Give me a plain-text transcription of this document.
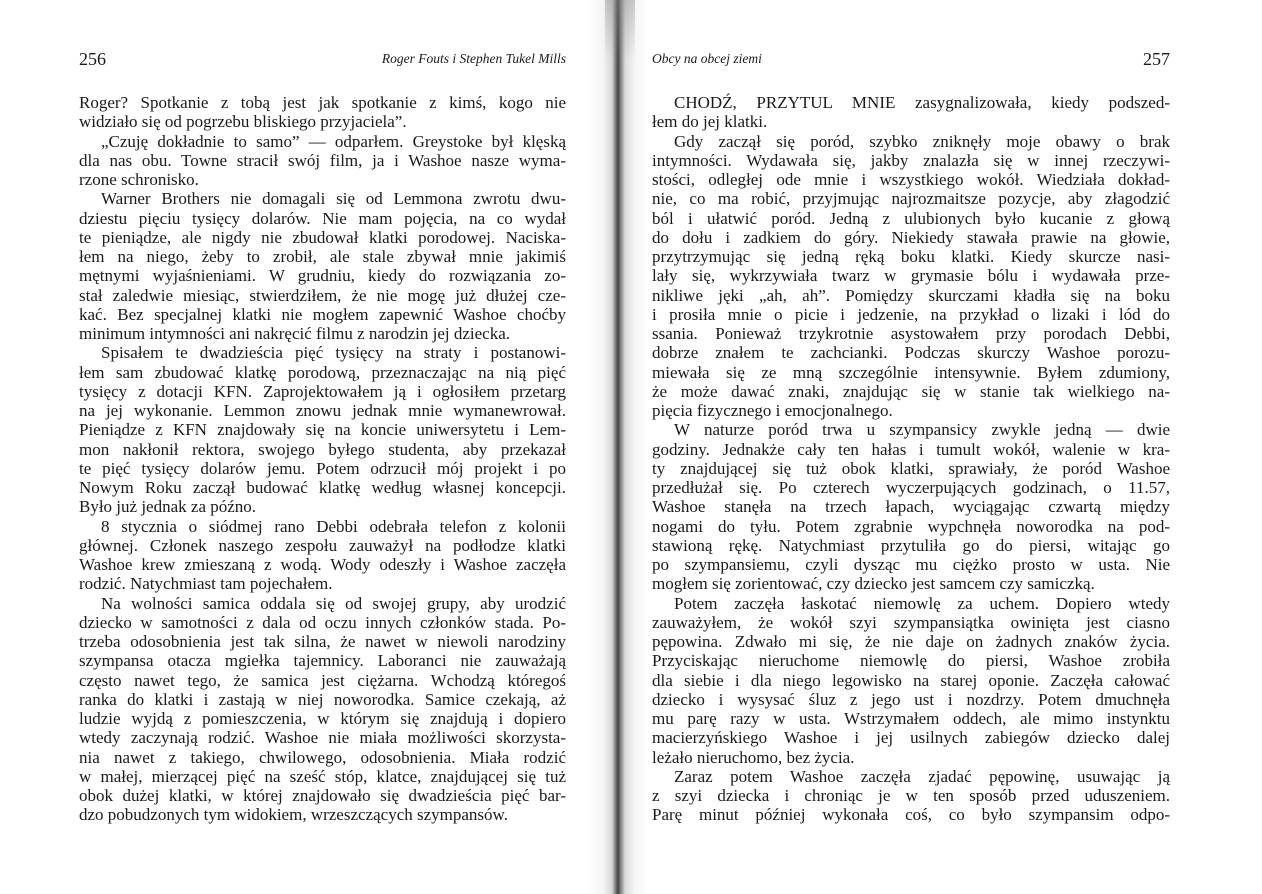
256	Roger Fouts i Stephen Tukel Mills
Roger? Spotkanie z tobą jest jak spotkanie z kimś, kogo nie
widziało się od pogrzebu bliskiego przyjaciela”.
„Czuję dokładnie to samo” — odparłem. Greystoke był klęską
dla nas obu. Towne stracił swój film, ja i Washoe nasze wyma-
rzone schronisko.
Warner Brothers nie domagali się od Lemmona zwrotu dwu-
dziestu pięciu tysięcy dolarów. Nie mam pojęcia, na co wydał
te pieniądze, ale nigdy nie zbudował klatki porodowej. Naciska-
łem na niego, żeby to zrobił, ale stale zbywał mnie jakimiś
mętnymi wyjaśnieniami. W grudniu, kiedy do rozwiązania zo-
stał zaledwie miesiąc, stwierdziłem, że nie mogę już dłużej cze-
kać. Bez specjalnej klatki nie mogłem zapewnić Washoe choćby
minimum intymności ani nakręcić filmu z narodzin jej dziecka.
Spisałem te dwadzieścia pięć tysięcy na straty i postanowi-
łem sam zbudować klatkę porodową, przeznaczając na nią pięć
tysięcy z dotacji KFN. Zaprojektowałem ją i ogłosiłem przetarg
na jej wykonanie. Lemmon znowu jednak mnie wymanewrował.
Pieniądze z KFN znajdowały się na koncie uniwersytetu i Lem-
mon nakłonił rektora, swojego byłego studenta, aby przekazał
te pięć tysięcy dolarów jemu. Potem odrzucił mój projekt i po
Nowym Roku zaczął budować klatkę według własnej koncepcji.
Było już jednak za późno.
8 stycznia o siódmej rano Debbi odebrała telefon z kolonii
głównej. Członek naszego zespołu zauważył na podłodze klatki
Washoe krew zmieszaną z wodą. Wody odeszły i Washoe zaczęła
rodzić. Natychmiast tam pojechałem.
Na wolności samica oddala się od swojej grupy, aby urodzić
dziecko w samotności z dala od oczu innych członków stada. Po-
trzeba odosobnienia jest tak silna, że nawet w niewoli narodziny
szympansa otacza mgiełka tajemnicy. Laboranci nie zauważają
często nawet tego, że samica jest ciężarna. Wchodzą któregoś
ranka do klatki i zastają w niej noworodka. Samice czekają, aż
ludzie wyjdą z pomieszczenia, w którym się znajdują i dopiero
wtedy zaczynają rodzić. Washoe nie miała możliwości skorzysta-
nia nawet z takiego, chwilowego, odosobnienia. Miała rodzić
w małej, mierzącej pięć na sześć stóp, klatce, znajdującej się tuż
obok dużej klatki, w której znajdowało się dwadzieścia pięć bar-
dzo pobudzonych tym widokiem, wrzeszczących szympansów.
Obcy na obcej ziemi	257
CHODŹ, PRZYTUL MNIE zasygnalizowała, kiedy podszed-
łem do jej klatki.
Gdy zaczął się poród, szybko zniknęły moje obawy o brak
intymności. Wydawała się, jakby znalazła się w innej rzeczywi-
stości, odległej ode mnie i wszystkiego wokół. Wiedziała dokład-
nie, co ma robić, przyjmując najrozmaitsze pozycje, aby złagodzić
ból i ułatwić poród. Jedną z ulubionych było kucanie z głową
do dołu i zadkiem do góry. Niekiedy stawała prawie na głowie,
przytrzymując się jedną ręką boku klatki. Kiedy skurcze nasi-
lały się, wykrzywiała twarz w grymasie bólu i wydawała prze-
nikliwe jęki „ah, ah”. Pomiędzy skurczami kładła się na boku
i prosiła mnie o picie i jedzenie, na przykład o lizaki i lód do
ssania. Ponieważ trzykrotnie asystowałem przy porodach Debbi,
dobrze znałem te zachcianki. Podczas skurczy Washoe porozu-
miewała się ze mną szczególnie intensywnie. Byłem zdumiony,
że może dawać znaki, znajdując się w stanie tak wielkiego na-
pięcia fizycznego i emocjonalnego.
W naturze poród trwa u szympansicy zwykle jedną — dwie
godziny. Jednakże cały ten hałas i tumult wokół, walenie w kra-
ty znajdującej się tuż obok klatki, sprawiały, że poród Washoe
przedłużał się. Po czterech wyczerpujących godzinach, o 11.57,
Washoe stanęła na trzech łapach, wyciągając czwartą między
nogami do tyłu. Potem zgrabnie wypchnęła noworodka na pod-
stawioną rękę. Natychmiast przytuliła go do piersi, witając go
po szympansiemu, czyli dysząc mu ciężko prosto w usta. Nie
mogłem się zorientować, czy dziecko jest samcem czy samiczką.
Potem zaczęła łaskotać niemowlę za uchem. Dopiero wtedy
zauważyłem, że wokół szyi szympansiątka owinięta jest ciasno
pępowina. Zdwało mi się, że nie daje on żadnych znaków życia.
Przyciskając nieruchome niemowlę do piersi, Washoe zrobiła
dla siebie i dla niego legowisko na starej oponie. Zaczęła całować
dziecko i wysysać śluz z jego ust i nozdrzy. Potem dmuchnęła
mu parę razy w usta. Wstrzymałem oddech, ale mimo instynktu
macierzyńskiego Washoe i jej usilnych zabiegów dziecko dalej
leżało nieruchomo, bez życia.
Zaraz potem Washoe zaczęła zjadać pępowinę, usuwając ją
z szyi dziecka i chroniąc je w ten sposób przed uduszeniem.
Parę minut później wykonała coś, co było szympansim odpo-
